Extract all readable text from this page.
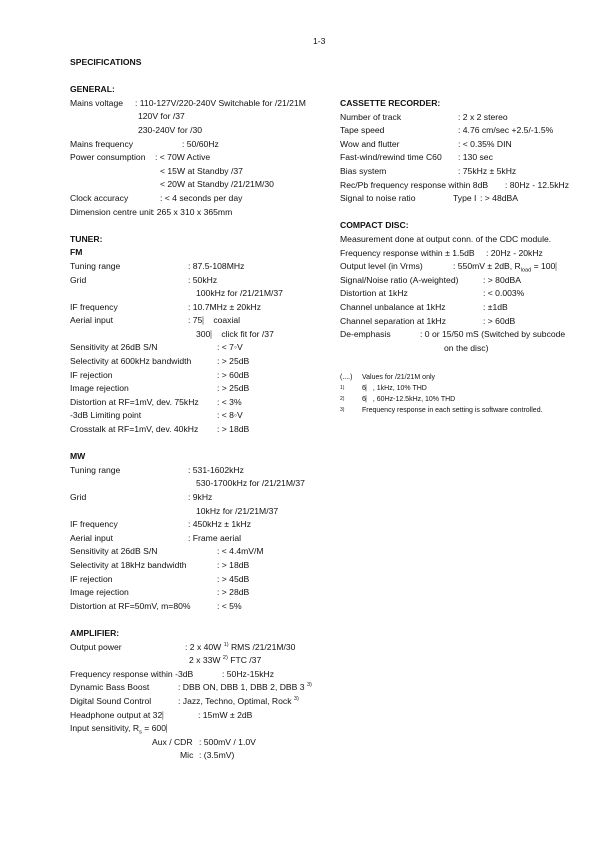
1-3
SPECIFICATIONS
GENERAL:
Mains voltage : 110-127V/220-240V Switchable for /21/21M
120V for /37
230-240V for /30
Mains frequency	: 50/60Hz
Power consumption : < 70W Active
< 15W at Standby /37
< 20W at Standby /21/21M/30
Clock accuracy	: < 4 seconds per day
Dimension centre unit
: 265 x 310 x 365mm
TUNER:
FM
Tuning range	: 87.5-108MHz
Grid	: 50kHz
100kHz for /21/21M/37
IF frequency	: 10.7MHz ± 20kHz
Aerial input	: 75⎸ coaxial
300⎸ click fit for /37
Sensitivity at 26dB S/N	: < 7◦V
Selectivity at 600kHz bandwidth	: > 25dB
IF rejection	: > 60dB
Image rejection	: > 25dB
Distortion at RF=1mV, dev. 75kHz : < 3%
-3dB Limiting point	: < 8◦V
Crosstalk at RF=1mV, dev. 40kHz : > 18dB
MW
Tuning range	: 531-1602kHz
530-1700kHz for /21/21M/37
Grid	: 9kHz
10kHz for /21/21M/37
IF frequency	: 450kHz ± 1kHz
Aerial input	: Frame aerial
Sensitivity at 26dB S/N	: < 4.4mV/M
Selectivity at 18kHz bandwidth	: > 18dB
IF rejection	: > 45dB
Image rejection	: > 28dB
Distortion at RF=50mV, m=80%	: < 5%
AMPLIFIER:
Output power	: 2 x 40W $^{1)}$ RMS /21/21M/30
2 x 33W $^{2)}$ FTC /37
Frequency response within -3dB	: 50Hz-15kHz
Dynamic Bass Boost	: DBB ON, DBB 1, DBB 2, DBB 3 $^{3)}$
Digital Sound Control	: Jazz, Techno, Optimal, Rock $^{3)}$
Headphone output at 32⎸	: 15mW ± 2dB
Input sensitivity, $R_s$ = 600⎸
Aux / CDR : 500mV / 1.0V
Mic : (3.5mV)
CASSETTE RECORDER:
Number of track	: 2 x 2 stereo
Tape speed	: 4.76 cm/sec +2.5/-1.5%
Wow and flutter	: < 0.35% DIN
Fast-wind/rewind time C60 : 130 sec
Bias system	: 75kHz ± 5kHz
Rec/Pb frequency response within 8dB : 80Hz - 12.5kHz
Signal to noise ratio	Type I : > 48dBA
COMPACT DISC:
Measurement done at output conn. of the CDC module.
Frequency response within ± 1.5dB : 20Hz - 20kHz
Output level (in Vrms)	: 550mV ± 2dB, $R_{load}$ = 100⎸
Signal/Noise ratio (A-weighted)	: > 80dBA
Distortion at 1kHz	: < 0.003%
Channel unbalance at 1kHz	: ±1dB
Channel separation at 1kHz	: > 60dB
De-emphasis	: 0 or 15/50 mS (Switched by subcode
on the disc)
(....) Values for /21/21M only
1)	6⎸, 1kHz, 10% THD
2)	6⎸, 60Hz-12.5kHz, 10% THD
3)	Frequency response in each setting is software controlled.
